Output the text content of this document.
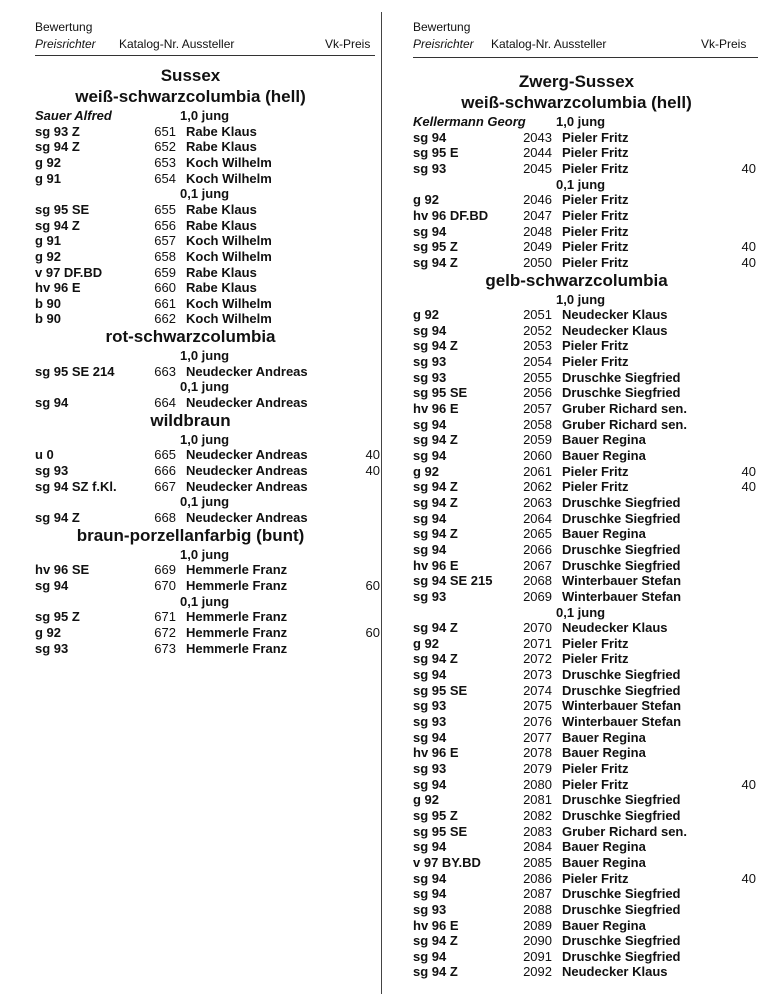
Bewertung
Preisrichter Katalog-Nr. Aussteller	Vk-Preis
Sussex
weiß-schwarzcolumbia (hell)
Sauer Alfred	1,0 jung
sg 93 Z	651 Rabe Klaus
sg 94 Z	652 Rabe Klaus
g 92	653 Koch Wilhelm
g 91	654 Koch Wilhelm
0,1 jung
sg 95 SE	655 Rabe Klaus
sg 94 Z	656 Rabe Klaus
g 91	657 Koch Wilhelm
g 92	658 Koch Wilhelm
v 97 DF.BD	659 Rabe Klaus
hv 96 E	660 Rabe Klaus
b 90	661 Koch Wilhelm
b 90	662 Koch Wilhelm
rot-schwarzcolumbia
1,0 jung
sg 95 SE 214	663 Neudecker Andreas
0,1 jung
sg 94	664 Neudecker Andreas
wildbraun
1,0 jung
u 0	665 Neudecker Andreas	40
sg 93	666 Neudecker Andreas	40
sg 94 SZ f.Kl.	667 Neudecker Andreas
0,1 jung
sg 94 Z	668 Neudecker Andreas
braun-porzellanfarbig (bunt)
1,0 jung
hv 96 SE	669 Hemmerle Franz
sg 94	670 Hemmerle Franz	60
0,1 jung
sg 95 Z	671 Hemmerle Franz
g 92	672 Hemmerle Franz	60
sg 93	673 Hemmerle Franz
Bewertung
Preisrichter Katalog-Nr. Aussteller	Vk-Preis
Zwerg-Sussex
weiß-schwarzcolumbia (hell)
Kellermann Georg 1,0 jung
sg 94	2043 Pieler Fritz
sg 95 E	2044 Pieler Fritz
sg 93	2045 Pieler Fritz	40
0,1 jung
g 92	2046 Pieler Fritz
hv 96 DF.BD	2047 Pieler Fritz
sg 94	2048 Pieler Fritz
sg 95 Z	2049 Pieler Fritz	40
sg 94 Z	2050 Pieler Fritz	40
gelb-schwarzcolumbia
1,0 jung
g 92	2051 Neudecker Klaus
sg 94	2052 Neudecker Klaus
sg 94 Z	2053 Pieler Fritz
sg 93	2054 Pieler Fritz
sg 93	2055 Druschke Siegfried
sg 95 SE	2056 Druschke Siegfried
hv 96 E	2057 Gruber Richard sen.
sg 94	2058 Gruber Richard sen.
sg 94 Z	2059 Bauer Regina
sg 94	2060 Bauer Regina
g 92	2061 Pieler Fritz	40
sg 94 Z	2062 Pieler Fritz	40
sg 94 Z	2063 Druschke Siegfried
sg 94	2064 Druschke Siegfried
sg 94 Z	2065 Bauer Regina
sg 94	2066 Druschke Siegfried
hv 96 E	2067 Druschke Siegfried
sg 94 SE 215	2068 Winterbauer Stefan
sg 93	2069 Winterbauer Stefan
0,1 jung
sg 94 Z	2070 Neudecker Klaus
g 92	2071 Pieler Fritz
sg 94 Z	2072 Pieler Fritz
sg 94	2073 Druschke Siegfried
sg 95 SE	2074 Druschke Siegfried
sg 93	2075 Winterbauer Stefan
sg 93	2076 Winterbauer Stefan
sg 94	2077 Bauer Regina
hv 96 E	2078 Bauer Regina
sg 93	2079 Pieler Fritz
sg 94	2080 Pieler Fritz	40
g 92	2081 Druschke Siegfried
sg 95 Z	2082 Druschke Siegfried
sg 95 SE	2083 Gruber Richard sen.
sg 94	2084 Bauer Regina
v 97 BY.BD	2085 Bauer Regina
sg 94	2086 Pieler Fritz	40
sg 94	2087 Druschke Siegfried
sg 93	2088 Druschke Siegfried
hv 96 E	2089 Bauer Regina
sg 94 Z	2090 Druschke Siegfried
sg 94	2091 Druschke Siegfried
sg 94 Z	2092 Neudecker Klaus
